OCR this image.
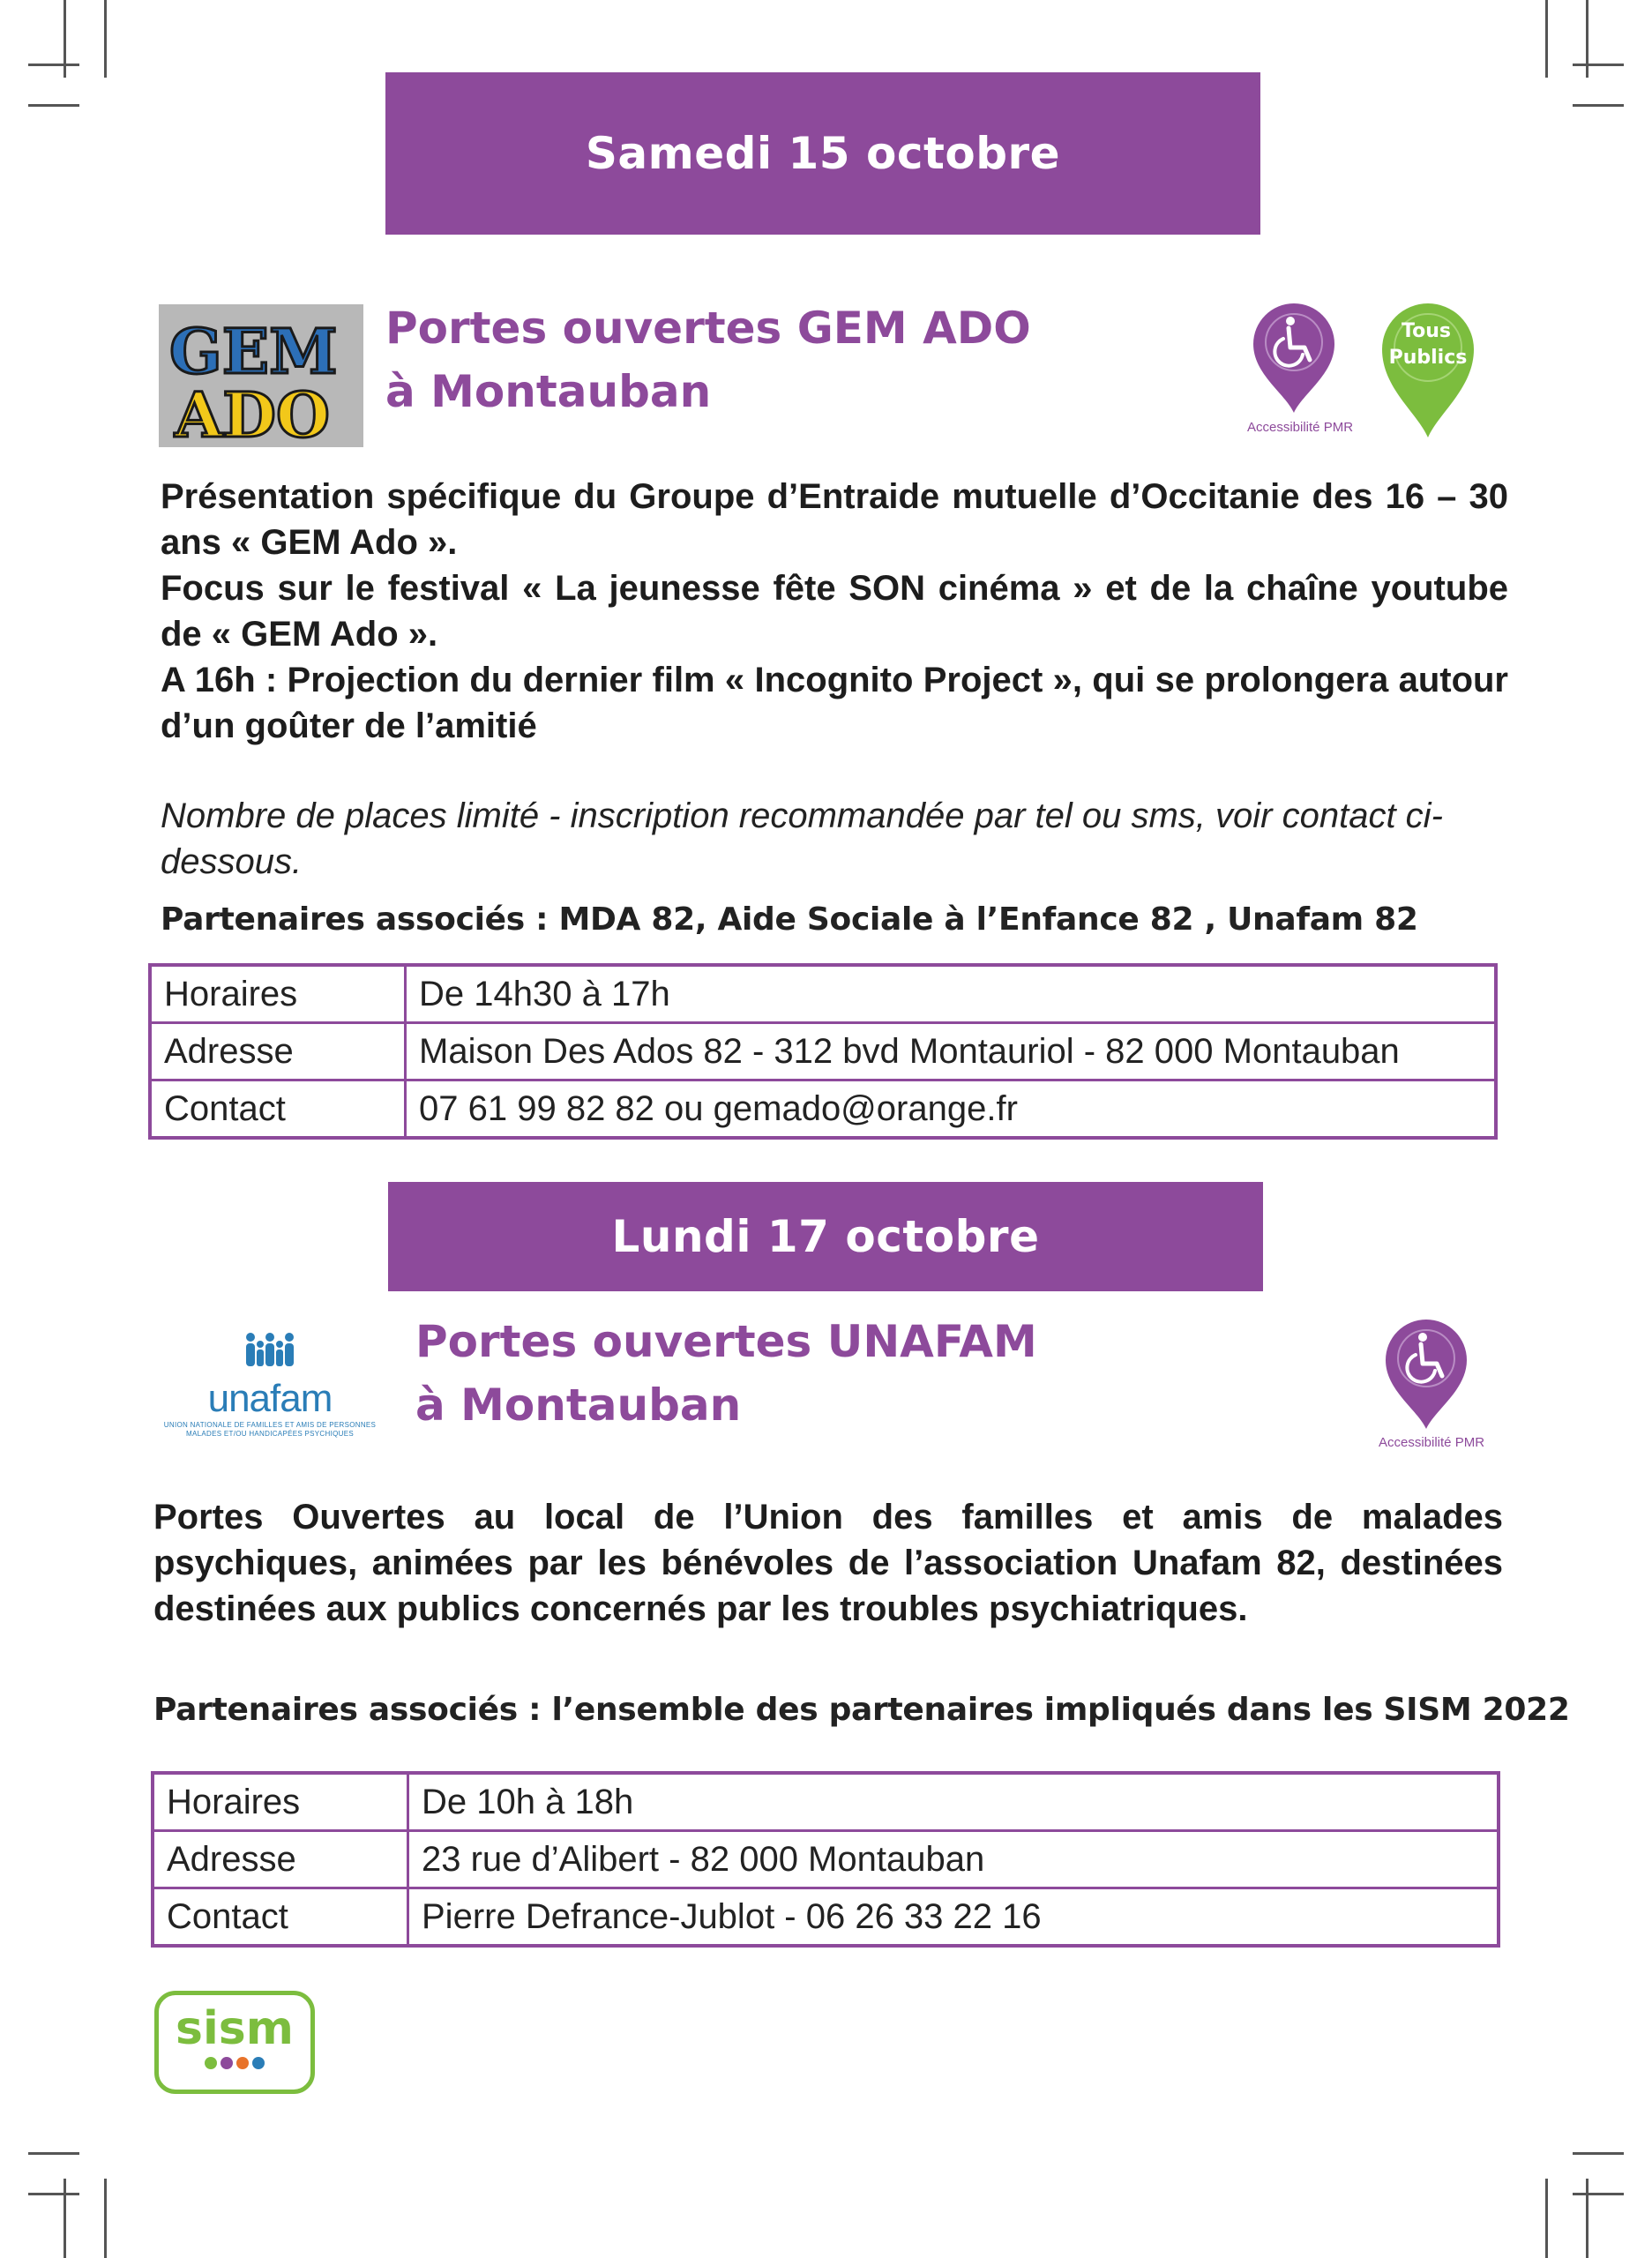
Samedi 15 octobre
GEM
ADO
Portes ouvertes GEM ADO
à Montauban
Accessibilité PMR
Tous
Publics

Présentation spécifique du Groupe d’Entraide mutuelle d’Occitanie des 16 – 30 ans « GEM Ado ».

Focus sur le festival « La jeunesse fête SON cinéma » et de la chaîne youtube de « GEM Ado ».

A 16h : Projection du dernier film « Incognito Project », qui se prolongera autour d’un goûter de l’amitié

Nombre de places limité - inscription recommandée par tel ou sms, voir contact ci-dessous.
Partenaires associés : MDA 82, Aide Sociale à l’Enfance 82 , Unafam 82
Horaires	De 14h30 à 17h
Adresse	Maison Des Ados 82 - 312 bvd Montauriol - 82 000 Montauban
Contact	07 61 99 82 82 ou gemado@orange.fr
Lundi 17 octobre
unafam
UNION NATIONALE DE FAMILLES ET AMIS DE PERSONNES
MALADES ET/OU HANDICAPÉES PSYCHIQUES
Portes ouvertes UNAFAM
à Montauban
Accessibilité PMR

Portes Ouvertes au local de l’Union des familles et amis de malades psychiques, animées par les bénévoles de l’association Unafam 82, destinées destinées aux publics concernés par les troubles psychiatriques.

Partenaires associés : l’ensemble des partenaires impliqués dans les SISM 2022
Horaires	De 10h à 18h
Adresse	23 rue d’Alibert - 82 000 Montauban
Contact	Pierre Defrance-Jublot - 06 26 33 22 16
sism
